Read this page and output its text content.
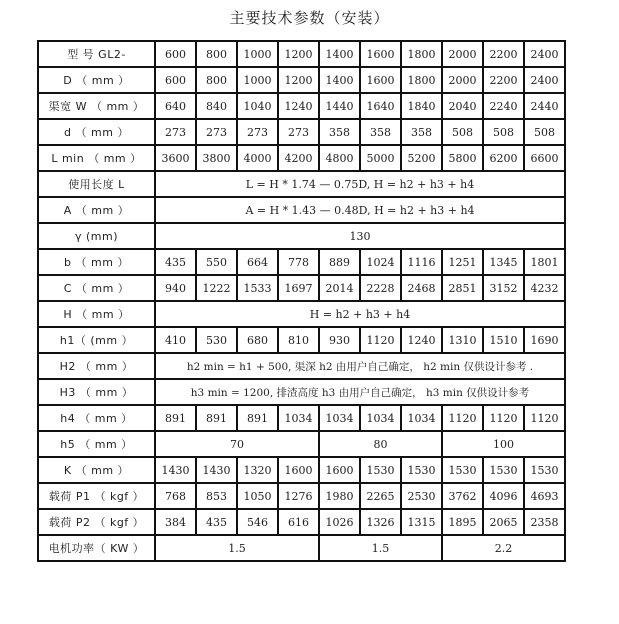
主要技术参数（安装）
型 号 GL2-	600	800	1000	1200	1400	1600	1800	2000	2200	2400
D （ mm ）	600	800	1000	1200	1400	1600	1800	2000	2200	2400
渠宽 W （ mm ）	640	840	1040	1240	1440	1640	1840	2040	2240	2440
d （ mm ）	273	273	273	273	358	358	358	508	508	508
L min （ mm ）	3600	3800	4000	4200	4800	5000	5200	5800	6200	6600
使用长度 L	L = H * 1.74 — 0.75D, H = h2 + h3 + h4									
A （ mm ）	A = H * 1.43 — 0.48D, H = h2 + h3 + h4									
γ (mm)	130									
b （ mm ）	435	550	664	778	889	1024	1116	1251	1345	1801
C （ mm ）	940	1222	1533	1697	2014	2228	2468	2851	3152	4232
H （ mm ）	H = h2 + h3 + h4									
h1（ (mm ）	410	530	680	810	930	1120	1240	1310	1510	1690
H2 （ mm ）	h2 min = h1 + 500, 渠深 h2 由用户自己确定， h2 min 仅供设计参考 .									
H3 （ mm ）	h3 min = 1200, 排渣高度 h3 由用户自己确定， h3 min 仅供设计参考									
h4 （ mm ）	891	891	891	1034	1034	1034	1034	1120	1120	1120
h5 （ mm ）	70				80			100		
K （ mm ）	1430	1430	1320	1600	1600	1530	1530	1530	1530	1530
载荷 P1 （ kgf ）	768	853	1050	1276	1980	2265	2530	3762	4096	4693
载荷 P2 （ kgf ）	384	435	546	616	1026	1326	1315	1895	2065	2358
电机功率（ KW ）	1.5				1.5			2.2		
